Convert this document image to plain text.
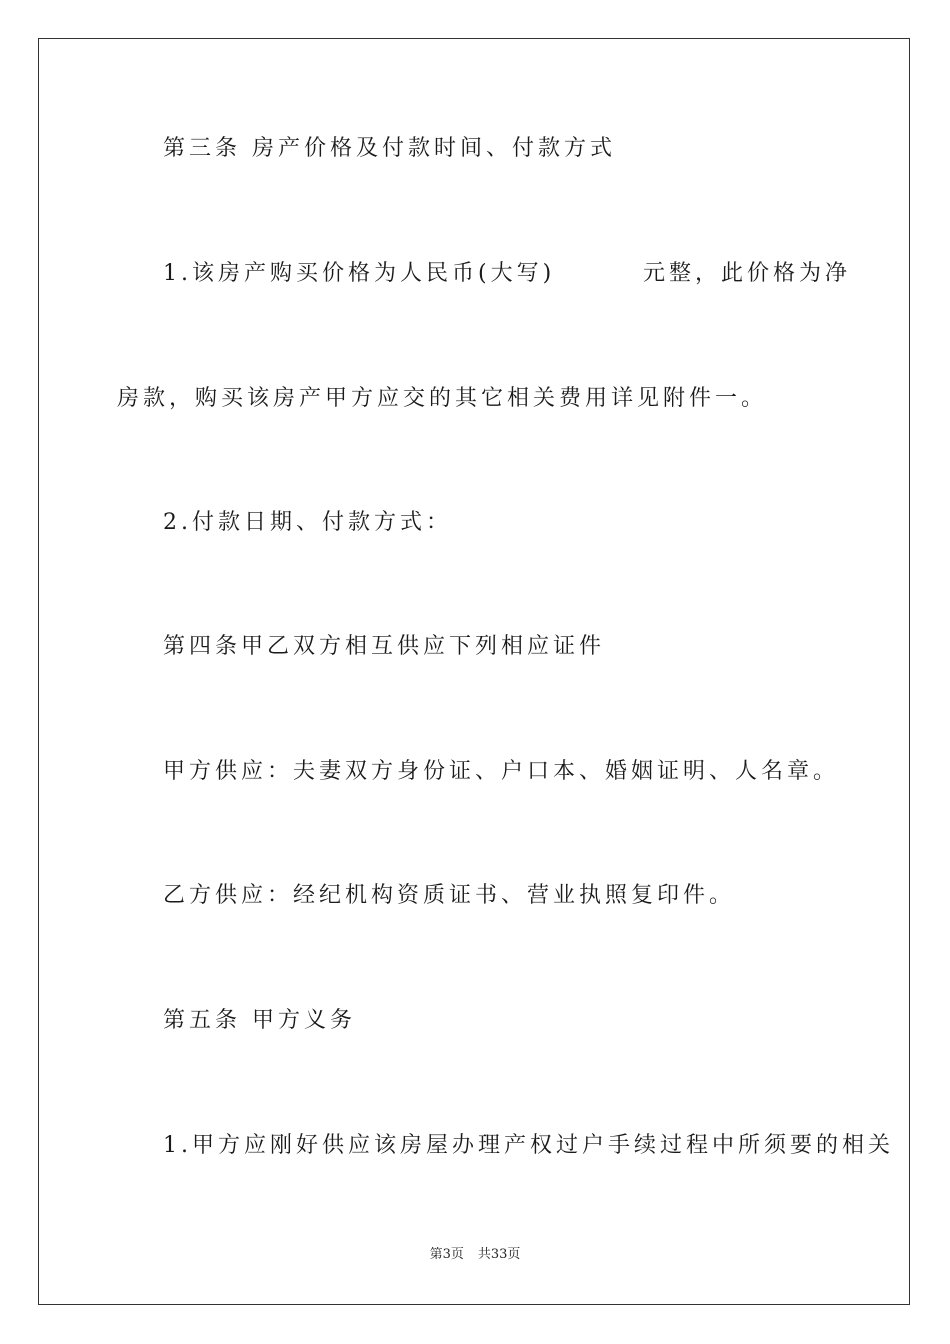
第三条 房产价格及付款时间、付款方式
1.该房产购买价格为人民币(大写)	元整，此价格为净
房款，购买该房产甲方应交的其它相关费用详见附件一。
2.付款日期、付款方式：
第四条甲乙双方相互供应下列相应证件
甲方供应：夫妻双方身份证、户口本、婚姻证明、人名章。
乙方供应：经纪机构资质证书、营业执照复印件。
第五条 甲方义务
1.甲方应刚好供应该房屋办理产权过户手续过程中所须要的相关
第3页 共33页
